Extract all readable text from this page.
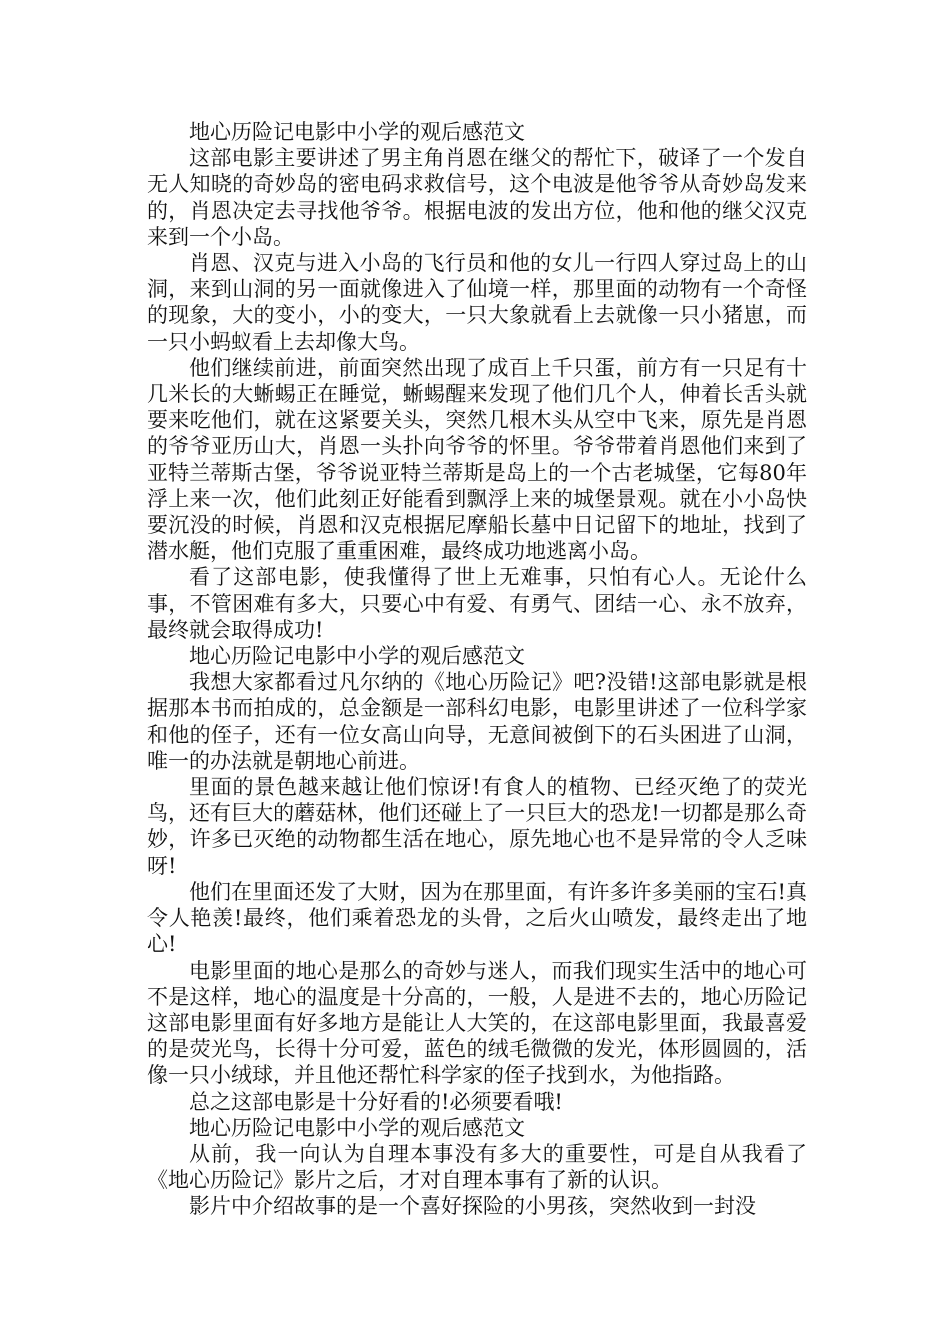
地心历险记电影中小学的观后感范文

这部电影主要讲述了男主角肖恩在继父的帮忙下，破译了一个发自无人知晓的奇妙岛的密电码求救信号，这个电波是他爷爷从奇妙岛发来的，肖恩决定去寻找他爷爷。根据电波的发出方位，他和他的继父汉克来到一个小岛。

肖恩、汉克与进入小岛的飞行员和他的女儿一行四人穿过岛上的山洞，来到山洞的另一面就像进入了仙境一样，那里面的动物有一个奇怪的现象，大的变小，小的变大，一只大象就看上去就像一只小猪崽，而一只小蚂蚁看上去却像大鸟。

他们继续前进，前面突然出现了成百上千只蛋，前方有一只足有十几米长的大蜥蜴正在睡觉，蜥蜴醒来发现了他们几个人，伸着长舌头就要来吃他们，就在这紧要关头，突然几根木头从空中飞来，原先是肖恩的爷爷亚历山大，肖恩一头扑向爷爷的怀里。爷爷带着肖恩他们来到了亚特兰蒂斯古堡，爷爷说亚特兰蒂斯是岛上的一个古老城堡，它每80年浮上来一次，他们此刻正好能看到飘浮上来的城堡景观。就在小小岛快要沉没的时候，肖恩和汉克根据尼摩船长墓中日记留下的地址，找到了潜水艇，他们克服了重重困难，最终成功地逃离小岛。

看了这部电影，使我懂得了世上无难事，只怕有心人。无论什么事，不管困难有多大，只要心中有爱、有勇气、团结一心、永不放弃，最终就会取得成功!

地心历险记电影中小学的观后感范文

我想大家都看过凡尔纳的《地心历险记》吧?没错!这部电影就是根据那本书而拍成的，总金额是一部科幻电影，电影里讲述了一位科学家和他的侄子，还有一位女高山向导，无意间被倒下的石头困进了山洞，唯一的办法就是朝地心前进。

里面的景色越来越让他们惊讶!有食人的植物、已经灭绝了的荧光鸟，还有巨大的蘑菇林，他们还碰上了一只巨大的恐龙!一切都是那么奇妙，许多已灭绝的动物都生活在地心，原先地心也不是异常的令人乏味呀!

他们在里面还发了大财，因为在那里面，有许多许多美丽的宝石!真令人艳羡!最终，他们乘着恐龙的头骨，之后火山喷发，最终走出了地心!

电影里面的地心是那么的奇妙与迷人，而我们现实生活中的地心可不是这样，地心的温度是十分高的，一般，人是进不去的，地心历险记这部电影里面有好多地方是能让人大笑的，在这部电影里面，我最喜爱的是荧光鸟，长得十分可爱，蓝色的绒毛微微的发光，体形圆圆的，活像一只小绒球，并且他还帮忙科学家的侄子找到水，为他指路。

总之这部电影是十分好看的!必须要看哦!

地心历险记电影中小学的观后感范文

从前，我一向认为自理本事没有多大的重要性，可是自从我看了《地心历险记》影片之后，才对自理本事有了新的认识。

影片中介绍故事的是一个喜好探险的小男孩，突然收到一封没
